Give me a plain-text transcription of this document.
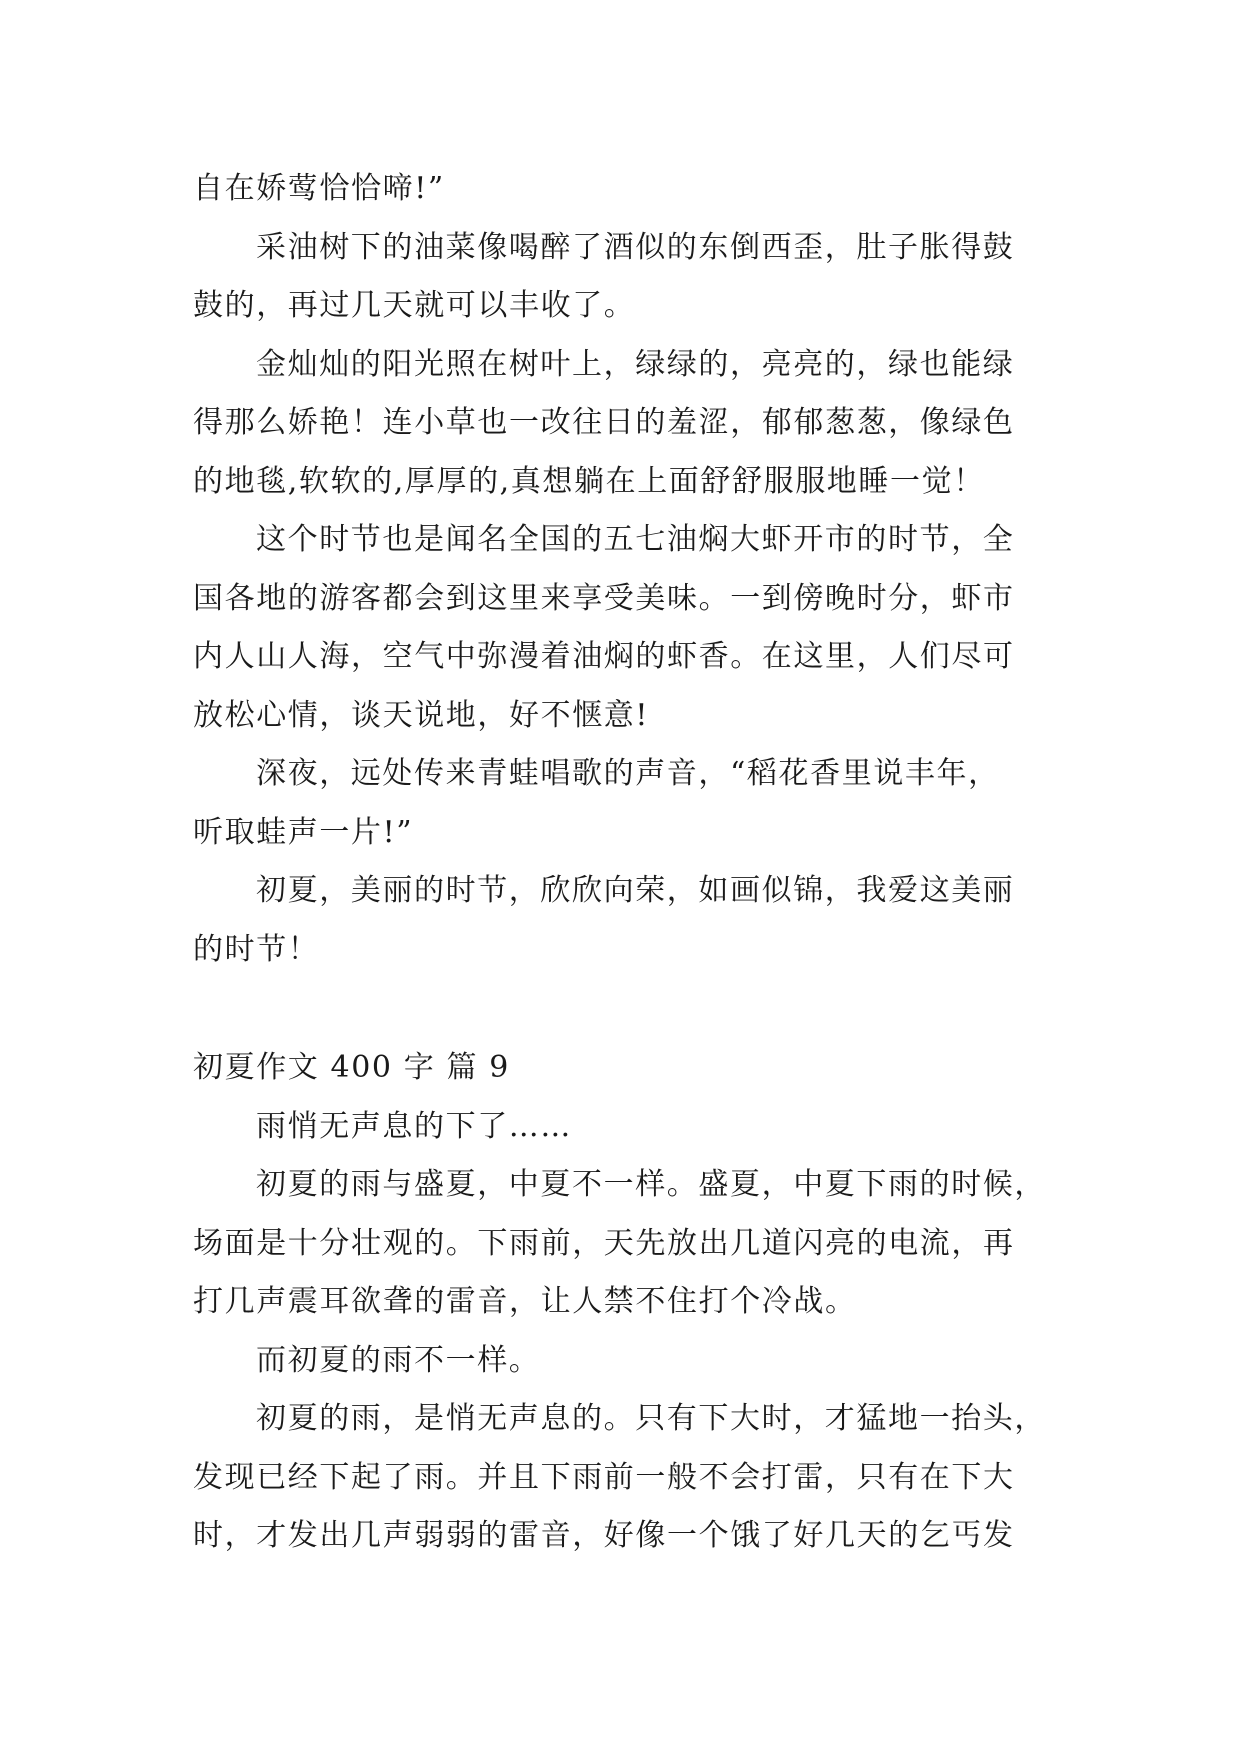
自在娇莺恰恰啼!”
采油树下的油菜像喝醉了酒似的东倒西歪，肚子胀得鼓
鼓的，再过几天就可以丰收了。
金灿灿的阳光照在树叶上，绿绿的，亮亮的，绿也能绿
得那么娇艳！连小草也一改往日的羞涩，郁郁葱葱，像绿色
的地毯,软软的,厚厚的,真想躺在上面舒舒服服地睡一觉！
这个时节也是闻名全国的五七油焖大虾开市的时节，全
国各地的游客都会到这里来享受美味。一到傍晚时分，虾市
内人山人海，空气中弥漫着油焖的虾香。在这里，人们尽可
放松心情，谈天说地，好不惬意!
深夜，远处传来青蛙唱歌的声音，“稻花香里说丰年，
听取蛙声一片!”
初夏，美丽的时节，欣欣向荣，如画似锦，我爱这美丽
的时节！
初夏作文 400 字 篇 9
雨悄无声息的下了……
初夏的雨与盛夏，中夏不一样。盛夏，中夏下雨的时候，
场面是十分壮观的。下雨前，天先放出几道闪亮的电流，再
打几声震耳欲聋的雷音，让人禁不住打个冷战。
而初夏的雨不一样。
初夏的雨，是悄无声息的。只有下大时，才猛地一抬头，
发现已经下起了雨。并且下雨前一般不会打雷，只有在下大
时，才发出几声弱弱的雷音，好像一个饿了好几天的乞丐发
